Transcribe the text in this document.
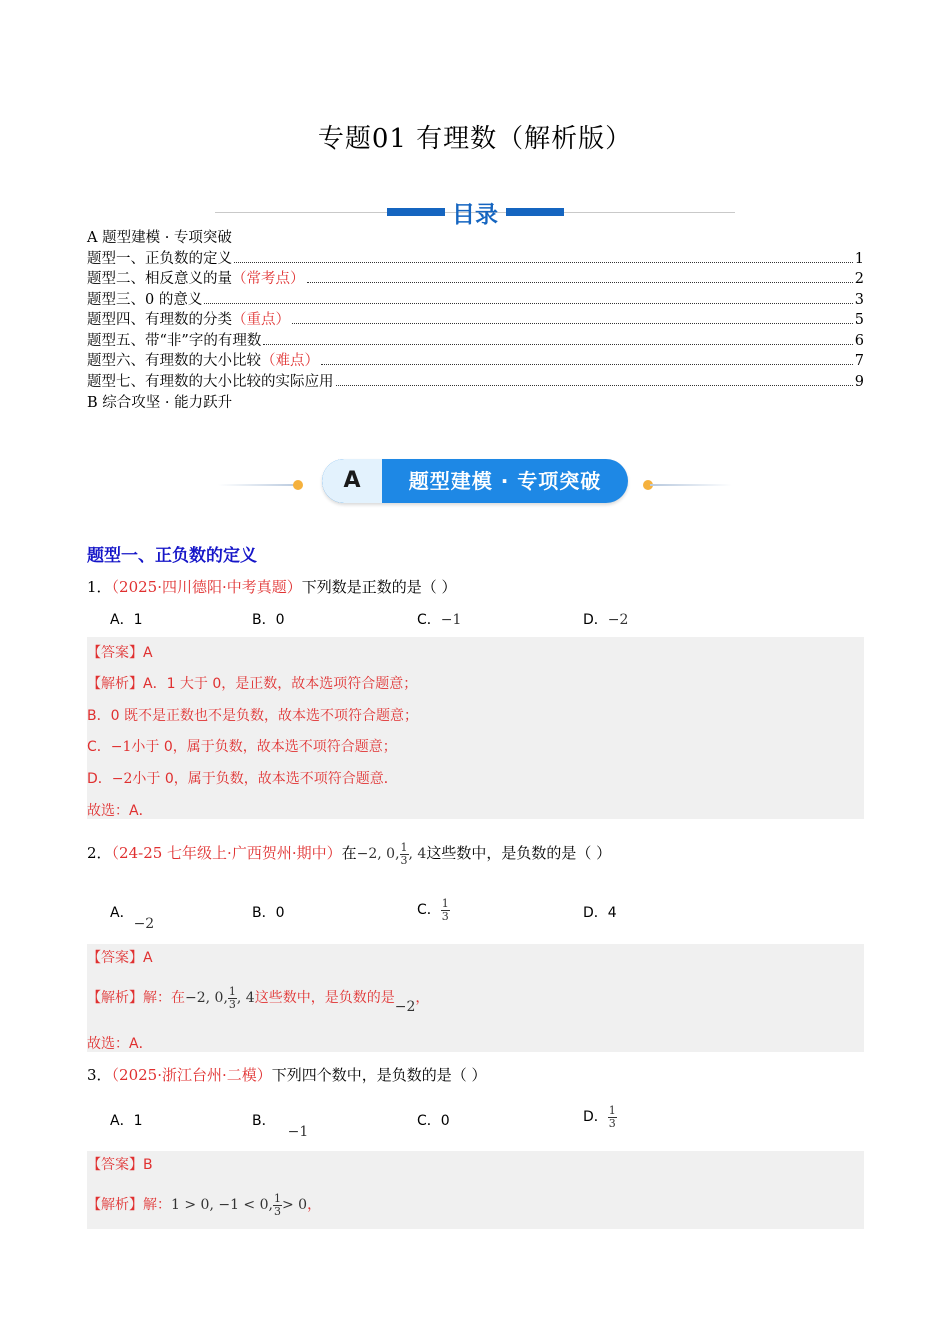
专题01 有理数（解析版）
目录
A 题型建模 · 专项突破
题型一、正负数的定义	1
题型二、相反意义的量 （常考点）	2
题型三、0 的意义	3
题型四、有理数的分类 （重点）	5
题型五、带“非”字的有理数	6
题型六、有理数的大小比较 （难点）	7
题型七、有理数的大小比较的实际应用	9
B 综合攻坚 · 能力跃升
A	题型建模 · 专项突破
题型一、正负数的定义
1．（2025·四川德阳·中考真题）下列数是正数的是（ ）
A．1	B．0	C．−1	D．−2
【答案】A
【解析】A．1 大于 0，是正数，故本选项符合题意；
B．0 既不是正数也不是负数，故本选不项符合题意；
C．−1小于 0，属于负数，故本选不项符合题意；
D．−2小于 0，属于负数，故本选不项符合题意．
故选：A．
2．（24-25 七年级上·广西贺州·期中）在−2, 0, $\frac{1}{3}$ , 4这些数中，是负数的是（ ）
A．−2
B．0	C． $\frac{1}{3}$	D．4
【答案】A
【解析】解：在−2, 0, $\frac{1}{3}$ , 4这些数中，是负数的是−2，
故选：A．
3．（2025·浙江台州·二模）下列四个数中，是负数的是（ ）
A．1	B．−1
C．0	D． $\frac{1}{3}$
【答案】B
【解析】解：1 > 0, −1 < 0, $\frac{1}{3} > 0$，
